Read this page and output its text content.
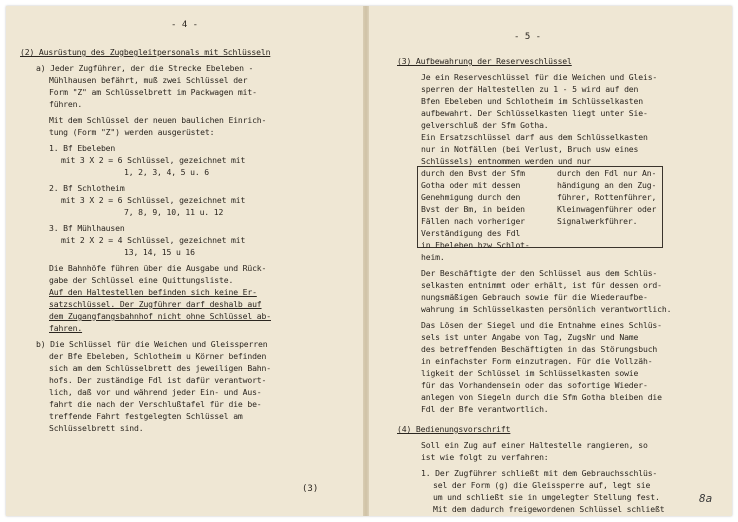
- 4 -
(2) Ausrüstung des Zugbegleitpersonals mit Schlüsseln
a) Jeder Zugführer, der die Strecke Ebeleben -
Mühlhausen befährt, muß zwei Schlüssel der
Form "Z" am Schlüsselbrett im Packwagen mit-
führen.
Mit dem Schlüssel der neuen baulichen Einrich-
tung (Form "Z") werden ausgerüstet:
1. Bf Ebeleben
mit 3 X 2 = 6 Schlüssel, gezeichnet mit
1, 2, 3, 4, 5 u. 6
2. Bf Schlotheim
mit 3 X 2 = 6 Schlüssel, gezeichnet mit
7, 8, 9, 10, 11 u. 12
3. Bf Mühlhausen
mit 2 X 2 = 4 Schlüssel, gezeichnet mit
13, 14, 15 u 16
Die Bahnhöfe führen über die Ausgabe und Rück-
gabe der Schlüssel eine Quittungsliste.
Auf den Haltestellen befinden sich keine Er-
satzschlüssel. Der Zugführer darf deshalb auf
dem Zugangfangsbahnhof nicht ohne Schlüssel ab-
fahren.
b) Die Schlüssel für die Weichen und Gleissperren
der Bfe Ebeleben, Schlotheim u Körner befinden
sich am dem Schlüsselbrett des jeweiligen Bahn-
hofs. Der zuständige Fdl ist dafür verantwort-
lich, daß vor und während jeder Ein- und Aus-
fahrt die nach der Verschlußtafel für die be-
treffende Fahrt festgelegten Schlüssel am
Schlüsselbrett sind.
(3)
- 5 -
(3) Aufbewahrung der Reserveschlüssel
Je ein Reserveschlüssel für die Weichen und Gleis-
sperren der Haltestellen zu 1 - 5 wird auf den
Bfen Ebeleben und Schlotheim im Schlüsselkasten
aufbewahrt. Der Schlüsselkasten liegt unter Sie-
gelverschluß der Sfm Gotha.
Ein Ersatzschlüssel darf aus dem Schlüsselkasten
nur in Notfällen (bei Verlust, Bruch usw eines
Schlüssels) entnommen werden und nur
durch den Bvst der Sfm
Gotha oder mit dessen
Genehmigung durch den
Bvst der Bm, in beiden
Fällen nach vorheriger
Verständigung des Fdl
in Ebeleben bzw Schlot-
heim.
durch den Fdl nur An-
händigung an den Zug-
führer, Rottenführer,
Kleinwagenführer oder
Signalwerkführer.
Der Beschäftigte der den Schlüssel aus dem Schlüs-
selkasten entnimmt oder erhält, ist für dessen ord-
nungsmäßigen Gebrauch sowie für die Wiederaufbe-
wahrung im Schlüsselkasten persönlich verantwortlich.
Das Lösen der Siegel und die Entnahme eines Schlüs-
sels ist unter Angabe von Tag, ZugsNr und Name
des betreffenden Beschäftigten in das Störungsbuch
in einfachster Form einzutragen. Für die Vollzäh-
ligkeit der Schlüssel im Schlüsselkasten sowie
für das Vorhandensein oder das sofortige Wieder-
anlegen von Siegeln durch die Sfm Gotha bleiben die
Fdl der Bfe verantwortlich.
(4) Bedienungsvorschrift
Soll ein Zug auf einer Haltestelle rangieren, so
ist wie folgt zu verfahren:
1. Der Zugführer schließt mit dem Gebrauchsschlüs-
sel der Form (g) die Gleissperre auf, legt sie
um und schließt sie in umgelegter Stellung fest.
Mit dem dadurch freigewordenen Schlüssel schließt
8a
